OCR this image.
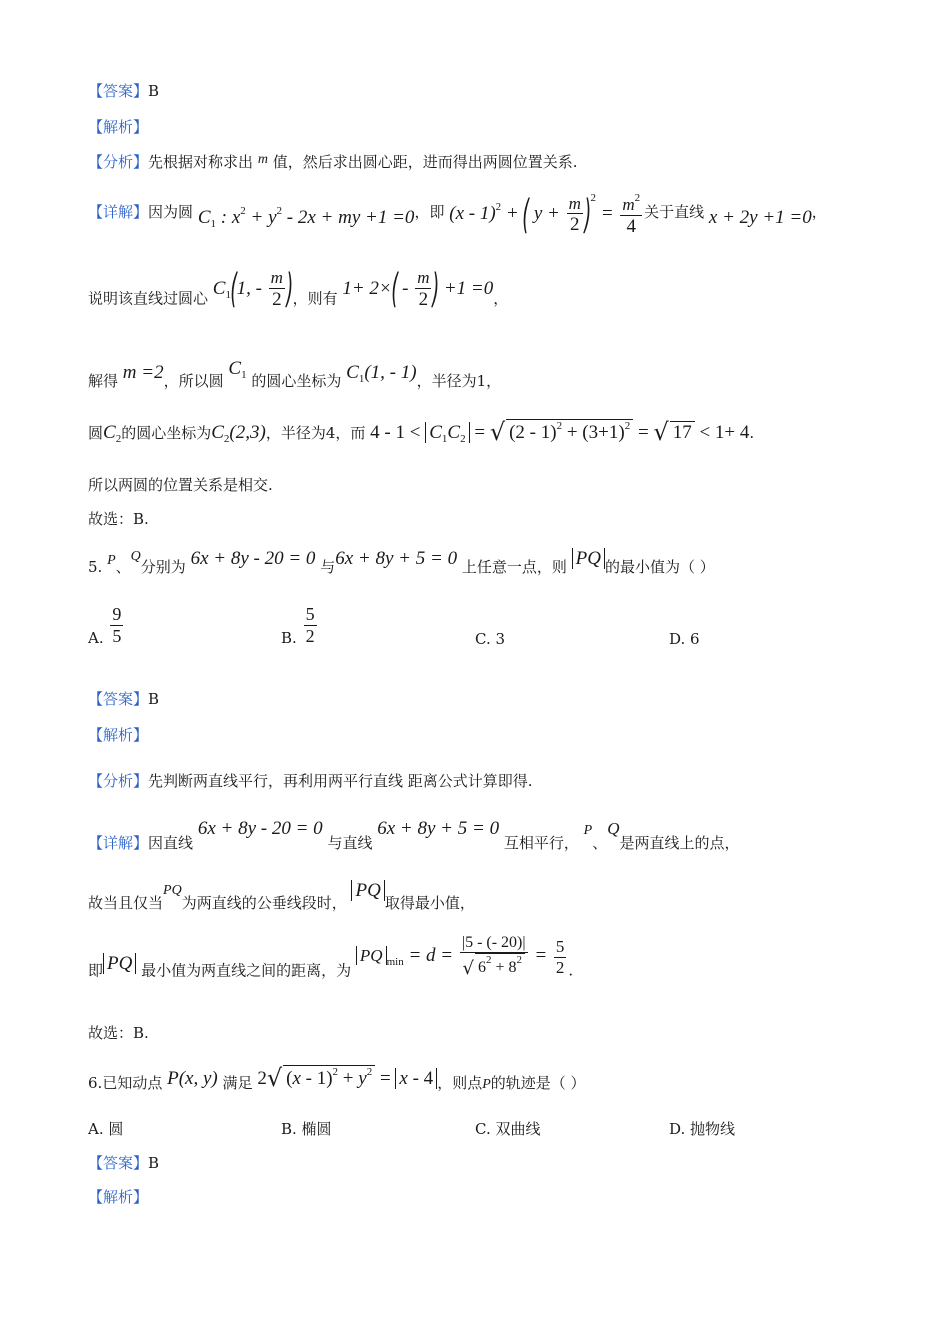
【答案】B
【解析】
【分析】先根据对称求出 m 值，然后求出圆心距，进而得出两圆位置关系.
【详解】因为圆 $C_1$ : $x^2 + y^2 - 2x$ + my +1 =0，即 (x - 1)$^2$ + ( $y + \frac{m}{2} )^2 = \frac{m^2}{4}$ 关于直线 x + 2y +1 =0，
说明该直线过圆心 $C_1(1$, - $\frac{m}{2}$ )，则有 $1+ 2\times( - \frac{m}{2}$ ) +1 =0，
解得 m =2，所以圆 $C_1$ 的圆心坐标为 $C_1(1$, - 1)，半径为1，
圆$C_2$的圆心坐标为$C_2(2,3)$，半径为4，而 $4 - 1 < C_1C_2$ = √ $(2 - 1)^2 + (3+1)^2$ = √ 17 < 1+ 4.
所以两圆的位置关系是相交.
故选：B.
5. P、Q分别为 6x + 8y - 20 = 0 与6x + 8y + 5 = 0 上任意一点，则 PQ 的最小值为（ ）
A. $\frac{9}{5}$	B. $\frac{5}{2}$	C. 3	D. 6
【答案】B
【解析】
【分析】先判断两直线平行，再利用两平行直线 距离公式计算即得.
【详解】因直线 6x + 8y - 20 = 0 与直线 6x + 8y + 5 = 0 互相平行， P、Q是两直线上的点，
故当且仅当PQ为两直线的公垂线段时， PQ取得最小值，
即 PQ 最小值为两直线之间的距离，为 PQ $_{min} = d = \frac{|5 - (- 20)|}{√ 6^2 + 8^2} = \frac{5}{2}$ .
故选：B.
6.已知动点 P(x, y) 满足 2√ $(x - 1)^2 + y^2 = x - 4$ ，则点P的轨迹是（ ）
A. 圆	B. 椭圆	C. 双曲线	D. 抛物线
【答案】B
【解析】
